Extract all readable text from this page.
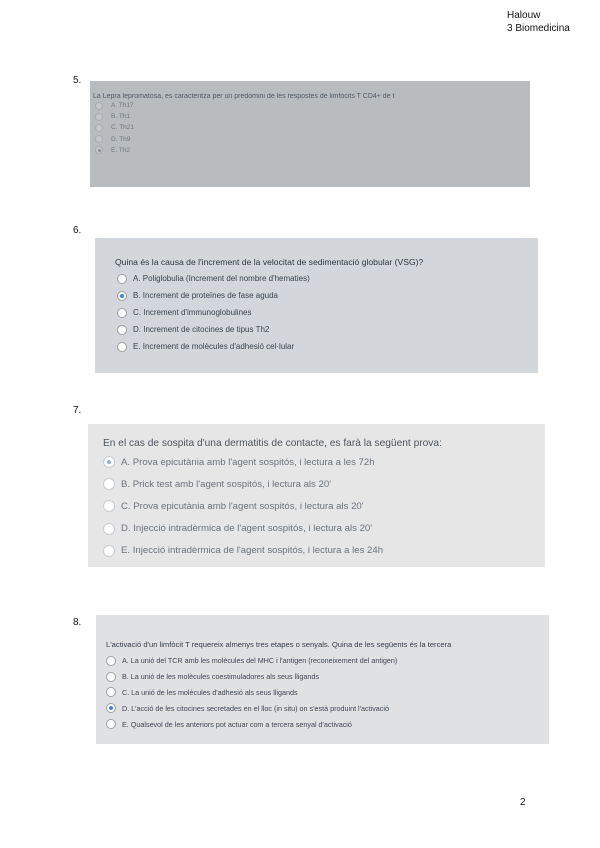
Halouw
3 Biomedicina
5.
La Lepra lepromatosa, es caracteritza per un predomini de les respostes de limfòcits T CD4+ de t
A. Th17
B. Th1
C. Th21
D. Th9
E. Th2
6.
Quina és la causa de l'increment de la velocitat de sedimentació globular (VSG)?
A. Poliglobulia (Increment del nombre d'hematies)
B. Increment de proteïnes de fase aguda
C. Increment d'immunoglobulines
D. Increment de citocines de tipus Th2
E. Increment de molècules d'adhesió cel·lular
7.
En el cas de sospita d'una dermatitis de contacte, es farà la següent prova:
A. Prova epicutània amb l'agent sospitós, i lectura a les 72h
B. Prick test amb l'agent sospitós, i lectura als 20'
C. Prova epicutània amb l'agent sospitós, i lectura als 20'
D. Injecció intradèrmica de l'agent sospitós, i lectura als 20'
E. Injecció intradèrmica de l'agent sospitós, i lectura a les 24h
8.
L'activació d'un limfòcit T requereix almenys tres etapes o senyals. Quina de les següents és la tercera
A. La unió del TCR amb les molècules del MHC i l'antigen (reconeixement del antigen)
B. La unió de les molècules coestimuladores als seus lligands
C. La unió de les molècules d'adhesió als seus lligands
D. L'acció de les citocines secretades en el lloc (in situ) on s'està produint l'activació
E. Qualsevol de les anteriors pot actuar com a tercera senyal d'activació
2
